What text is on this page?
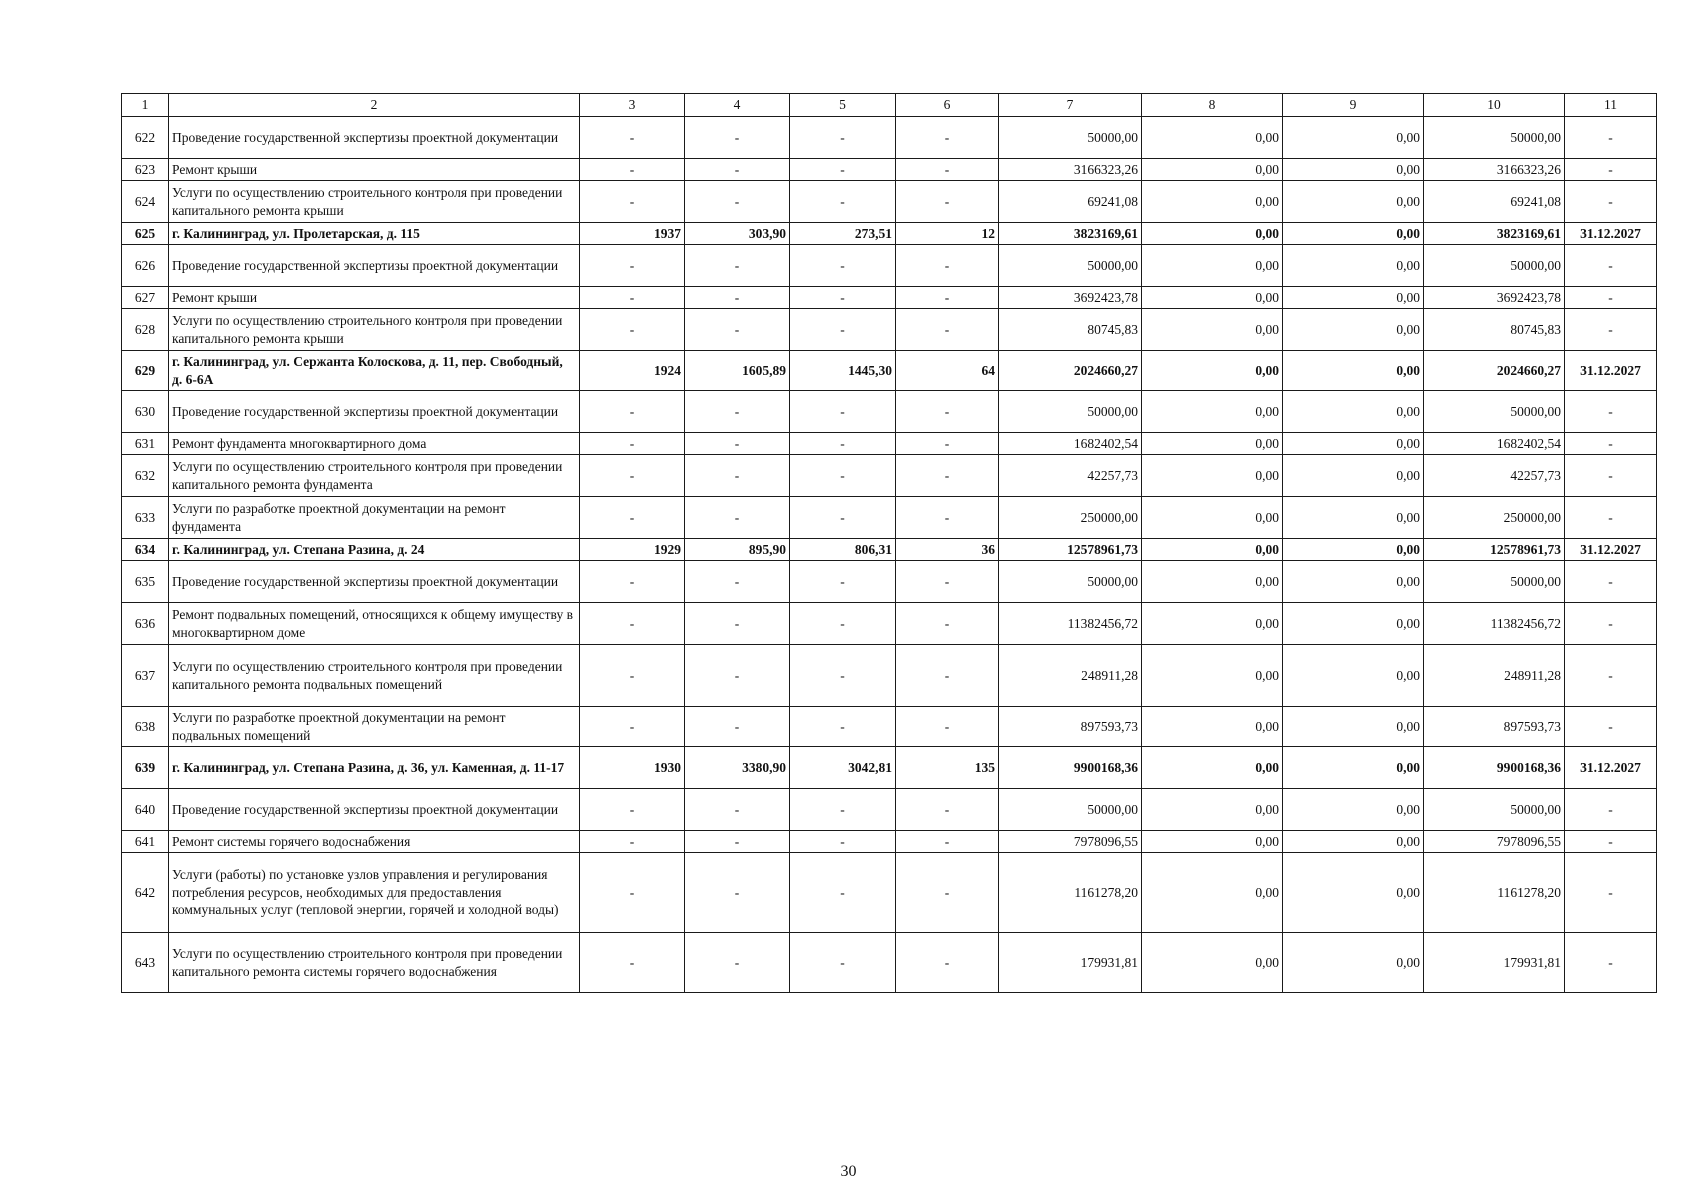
1	2	3	4	5	6	7	8	9	10	11
622	Проведение государственной экспертизы проектной документации	-	-	-	-	50000,00	0,00	0,00	50000,00	-
623	Ремонт крыши	-	-	-	-	3166323,26	0,00	0,00	3166323,26	-
624	Услуги по осуществлению строительного контроля при проведении капитального ремонта крыши	-	-	-	-	69241,08	0,00	0,00	69241,08	-
625	г. Калининград, ул. Пролетарская, д. 115	1937	303,90	273,51	12	3823169,61	0,00	0,00	3823169,61	31.12.2027
626	Проведение государственной экспертизы проектной документации	-	-	-	-	50000,00	0,00	0,00	50000,00	-
627	Ремонт крыши	-	-	-	-	3692423,78	0,00	0,00	3692423,78	-
628	Услуги по осуществлению строительного контроля при проведении капитального ремонта крыши	-	-	-	-	80745,83	0,00	0,00	80745,83	-
629	г. Калининград, ул. Сержанта Колоскова, д. 11, пер. Свободный, д. 6-6А	1924	1605,89	1445,30	64	2024660,27	0,00	0,00	2024660,27	31.12.2027
630	Проведение государственной экспертизы проектной документации	-	-	-	-	50000,00	0,00	0,00	50000,00	-
631	Ремонт фундамента многоквартирного дома	-	-	-	-	1682402,54	0,00	0,00	1682402,54	-
632	Услуги по осуществлению строительного контроля при проведении капитального ремонта фундамента	-	-	-	-	42257,73	0,00	0,00	42257,73	-
633	Услуги по разработке проектной документации на ремонт фундамента	-	-	-	-	250000,00	0,00	0,00	250000,00	-
634	г. Калининград, ул. Степана Разина, д. 24	1929	895,90	806,31	36	12578961,73	0,00	0,00	12578961,73	31.12.2027
635	Проведение государственной экспертизы проектной документации	-	-	-	-	50000,00	0,00	0,00	50000,00	-
636	Ремонт подвальных помещений, относящихся к общему имуществу в многоквартирном доме	-	-	-	-	11382456,72	0,00	0,00	11382456,72	-
637	Услуги по осуществлению строительного контроля при проведении капитального ремонта подвальных помещений	-	-	-	-	248911,28	0,00	0,00	248911,28	-
638	Услуги по разработке проектной документации на ремонт подвальных помещений	-	-	-	-	897593,73	0,00	0,00	897593,73	-
639	г. Калининград, ул. Степана Разина, д. 36, ул. Каменная, д. 11-17	1930	3380,90	3042,81	135	9900168,36	0,00	0,00	9900168,36	31.12.2027
640	Проведение государственной экспертизы проектной документации	-	-	-	-	50000,00	0,00	0,00	50000,00	-
641	Ремонт системы горячего водоснабжения	-	-	-	-	7978096,55	0,00	0,00	7978096,55	-
642	Услуги (работы) по установке узлов управления и регулирования потребления ресурсов, необходимых для предоставления коммунальных услуг (тепловой энергии, горячей и холодной воды)	-	-	-	-	1161278,20	0,00	0,00	1161278,20	-
643	Услуги по осуществлению строительного контроля при проведении капитального ремонта системы горячего водоснабжения	-	-	-	-	179931,81	0,00	0,00	179931,81	-
30
